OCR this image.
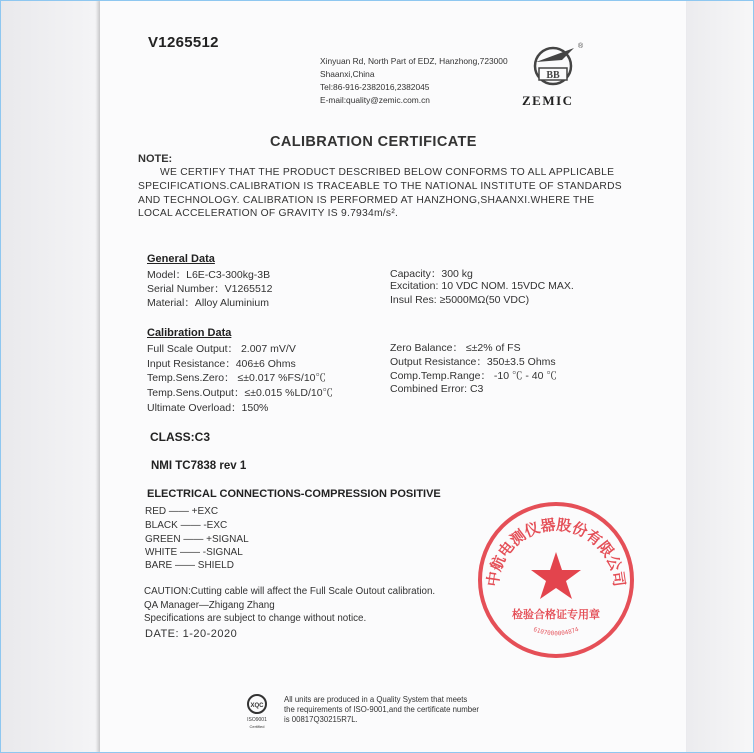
V1265512
Xinyuan Rd, North Part of EDZ, Hanzhong,723000
Shaanxi,China
Tel:86-916-2382016,2382045
E-mail:quality@zemic.com.cn
BB
®
ZEMIC
CALIBRATION CERTIFICATE
NOTE:
WE CERTIFY THAT THE PRODUCT DESCRIBED BELOW CONFORMS TO ALL APPLICABLE
SPECIFICATIONS.CALIBRATION IS TRACEABLE TO THE NATIONAL INSTITUTE OF STANDARDS
AND TECHNOLOGY. CALIBRATION IS PERFORMED AT HANZHONG,SHAANXI.WHERE THE
LOCAL ACCELERATION OF GRAVITY IS 9.7934m/s².
General Data
Model：L6E-C3-300kg-3B
Serial Number：V1265512
Material：Alloy Aluminium
Capacity：300 kg
Excitation: 10 VDC NOM. 15VDC MAX.
Insul Res: ≥5000MΩ(50 VDC)
Calibration Data
Full Scale Output： 2.007 mV/V
Input Resistance：406±6 Ohms
Temp.Sens.Zero： ≤±0.017 %FS/10℃
Temp.Sens.Output：≤±0.015 %LD/10℃
Ultimate Overload：150%
Zero Balance： ≤±2% of FS
Output Resistance：350±3.5 Ohms
Comp.Temp.Range： -10 ℃ - 40 ℃
Combined Error: C3
CLASS:C3
NMI TC7838 rev 1
ELECTRICAL CONNECTIONS-COMPRESSION POSITIVE
RED —— +EXC
BLACK —— -EXC
GREEN —— +SIGNAL
WHITE —— -SIGNAL
BARE —— SHIELD
CAUTION:Cutting cable will affect the Full Scale Outout calibration.
QA Manager—Zhigang Zhang
Specifications are subject to change without notice.
DATE: 1-20-2020
中航电测仪器股份有限公司
检验合格证专用章
6107000004874
XQC
ISO9001
Certified
All units are produced in a Quality System that meets
the requirements of ISO-9001,and the certificate number
is 00817Q30215R7L.
